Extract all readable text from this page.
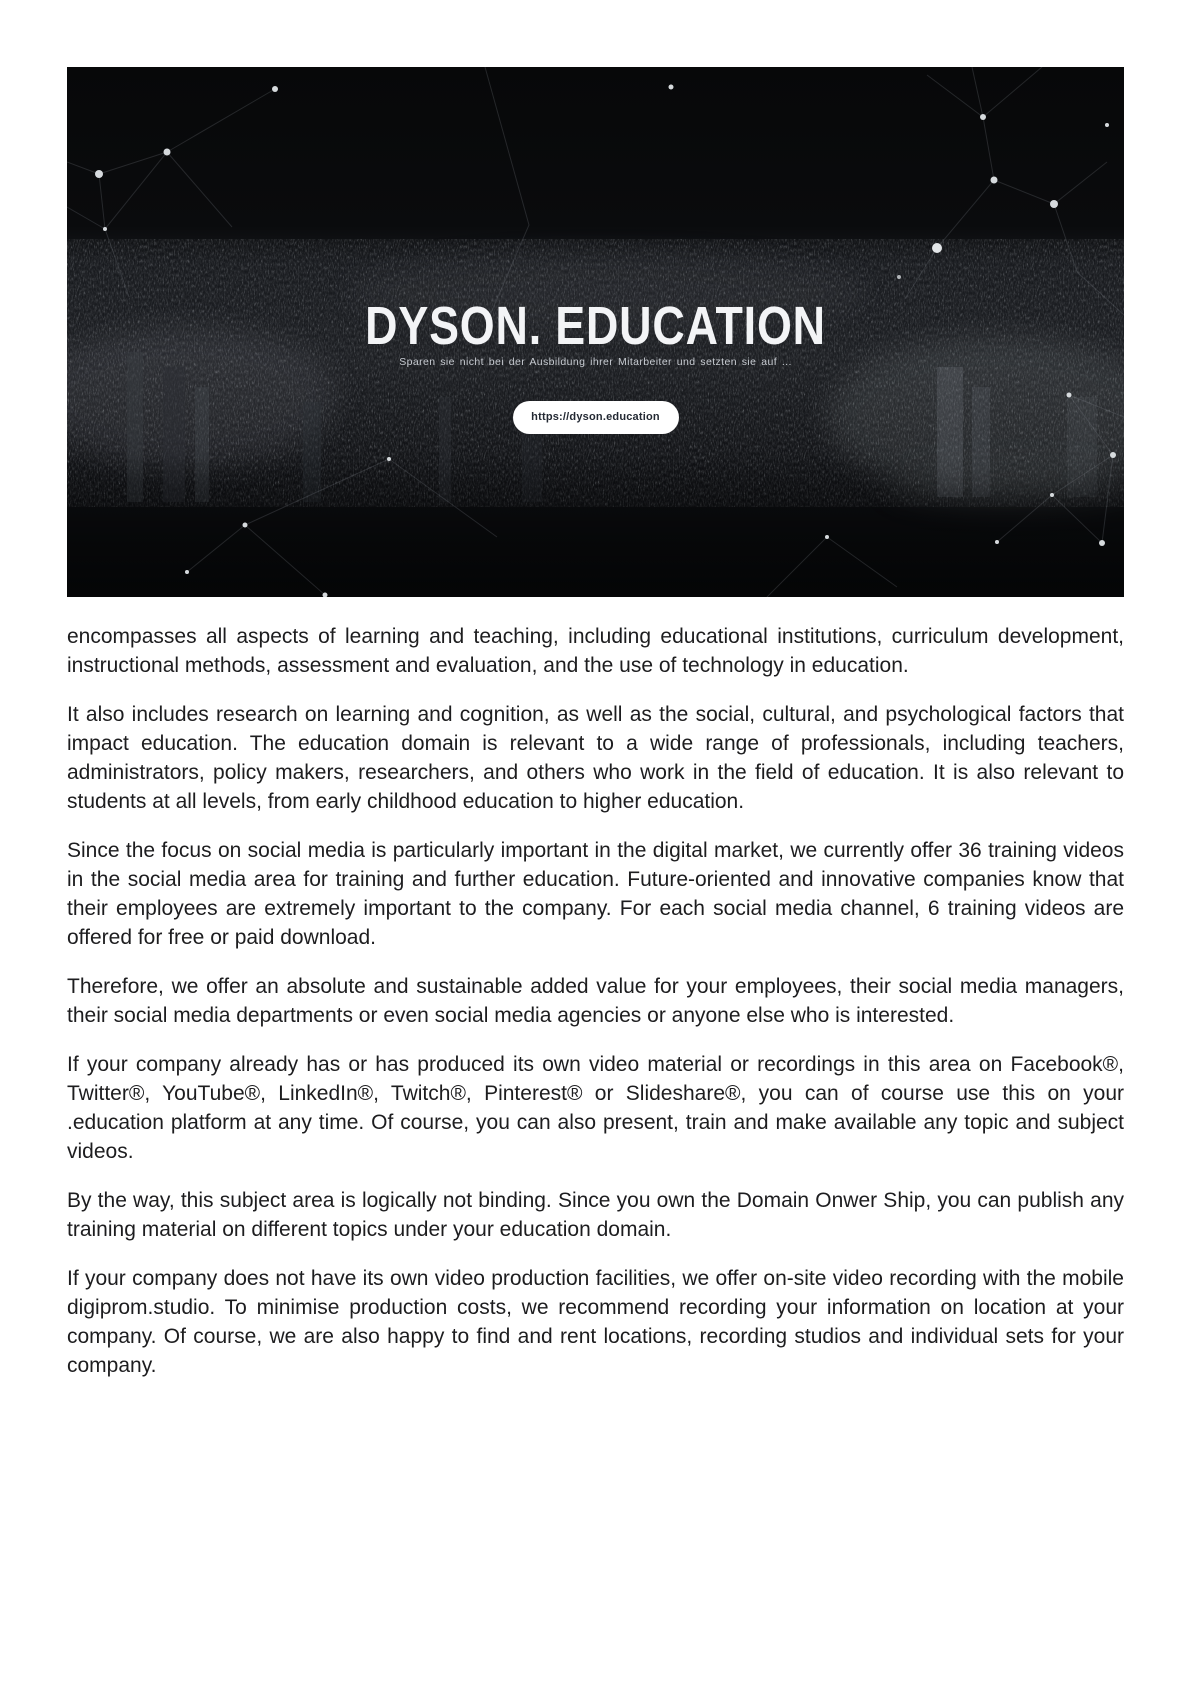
DYSON. EDUCATION

Sparen sie nicht bei der Ausbildung ihrer Mitarbeiter und setzten sie auf ...

https://dyson.education

encompasses all aspects of learning and teaching, including educational institutions, curriculum development, instructional methods, assessment and evaluation, and the use of technology in education.

It also includes research on learning and cognition, as well as the social, cultural, and psychological factors that impact education. The education domain is relevant to a wide range of professionals, including teachers, administrators, policy makers, researchers, and others who work in the field of education. It is also relevant to students at all levels, from early childhood education to higher education.

Since the focus on social media is particularly important in the digital market, we currently offer 36 training videos in the social media area for training and further education. Future-oriented and innovative companies know that their employees are extremely important to the company. For each social media channel, 6 training videos are offered for free or paid download.

Therefore, we offer an absolute and sustainable added value for your employees, their social media managers, their social media departments or even social media agencies or anyone else who is interested.

If your company already has or has produced its own video material or recordings in this area on Facebook®, Twitter®, YouTube®, LinkedIn®, Twitch®, Pinterest® or Slideshare®, you can of course use this on your .education platform at any time. Of course, you can also present, train and make available any topic and subject videos.

By the way, this subject area is logically not binding. Since you own the Domain Onwer Ship, you can publish any training material on different topics under your education domain.

If your company does not have its own video production facilities, we offer on-site video recording with the mobile digiprom.studio. To minimise production costs, we recommend recording your information on location at your company. Of course, we are also happy to find and rent locations, recording studios and individual sets for your company.
